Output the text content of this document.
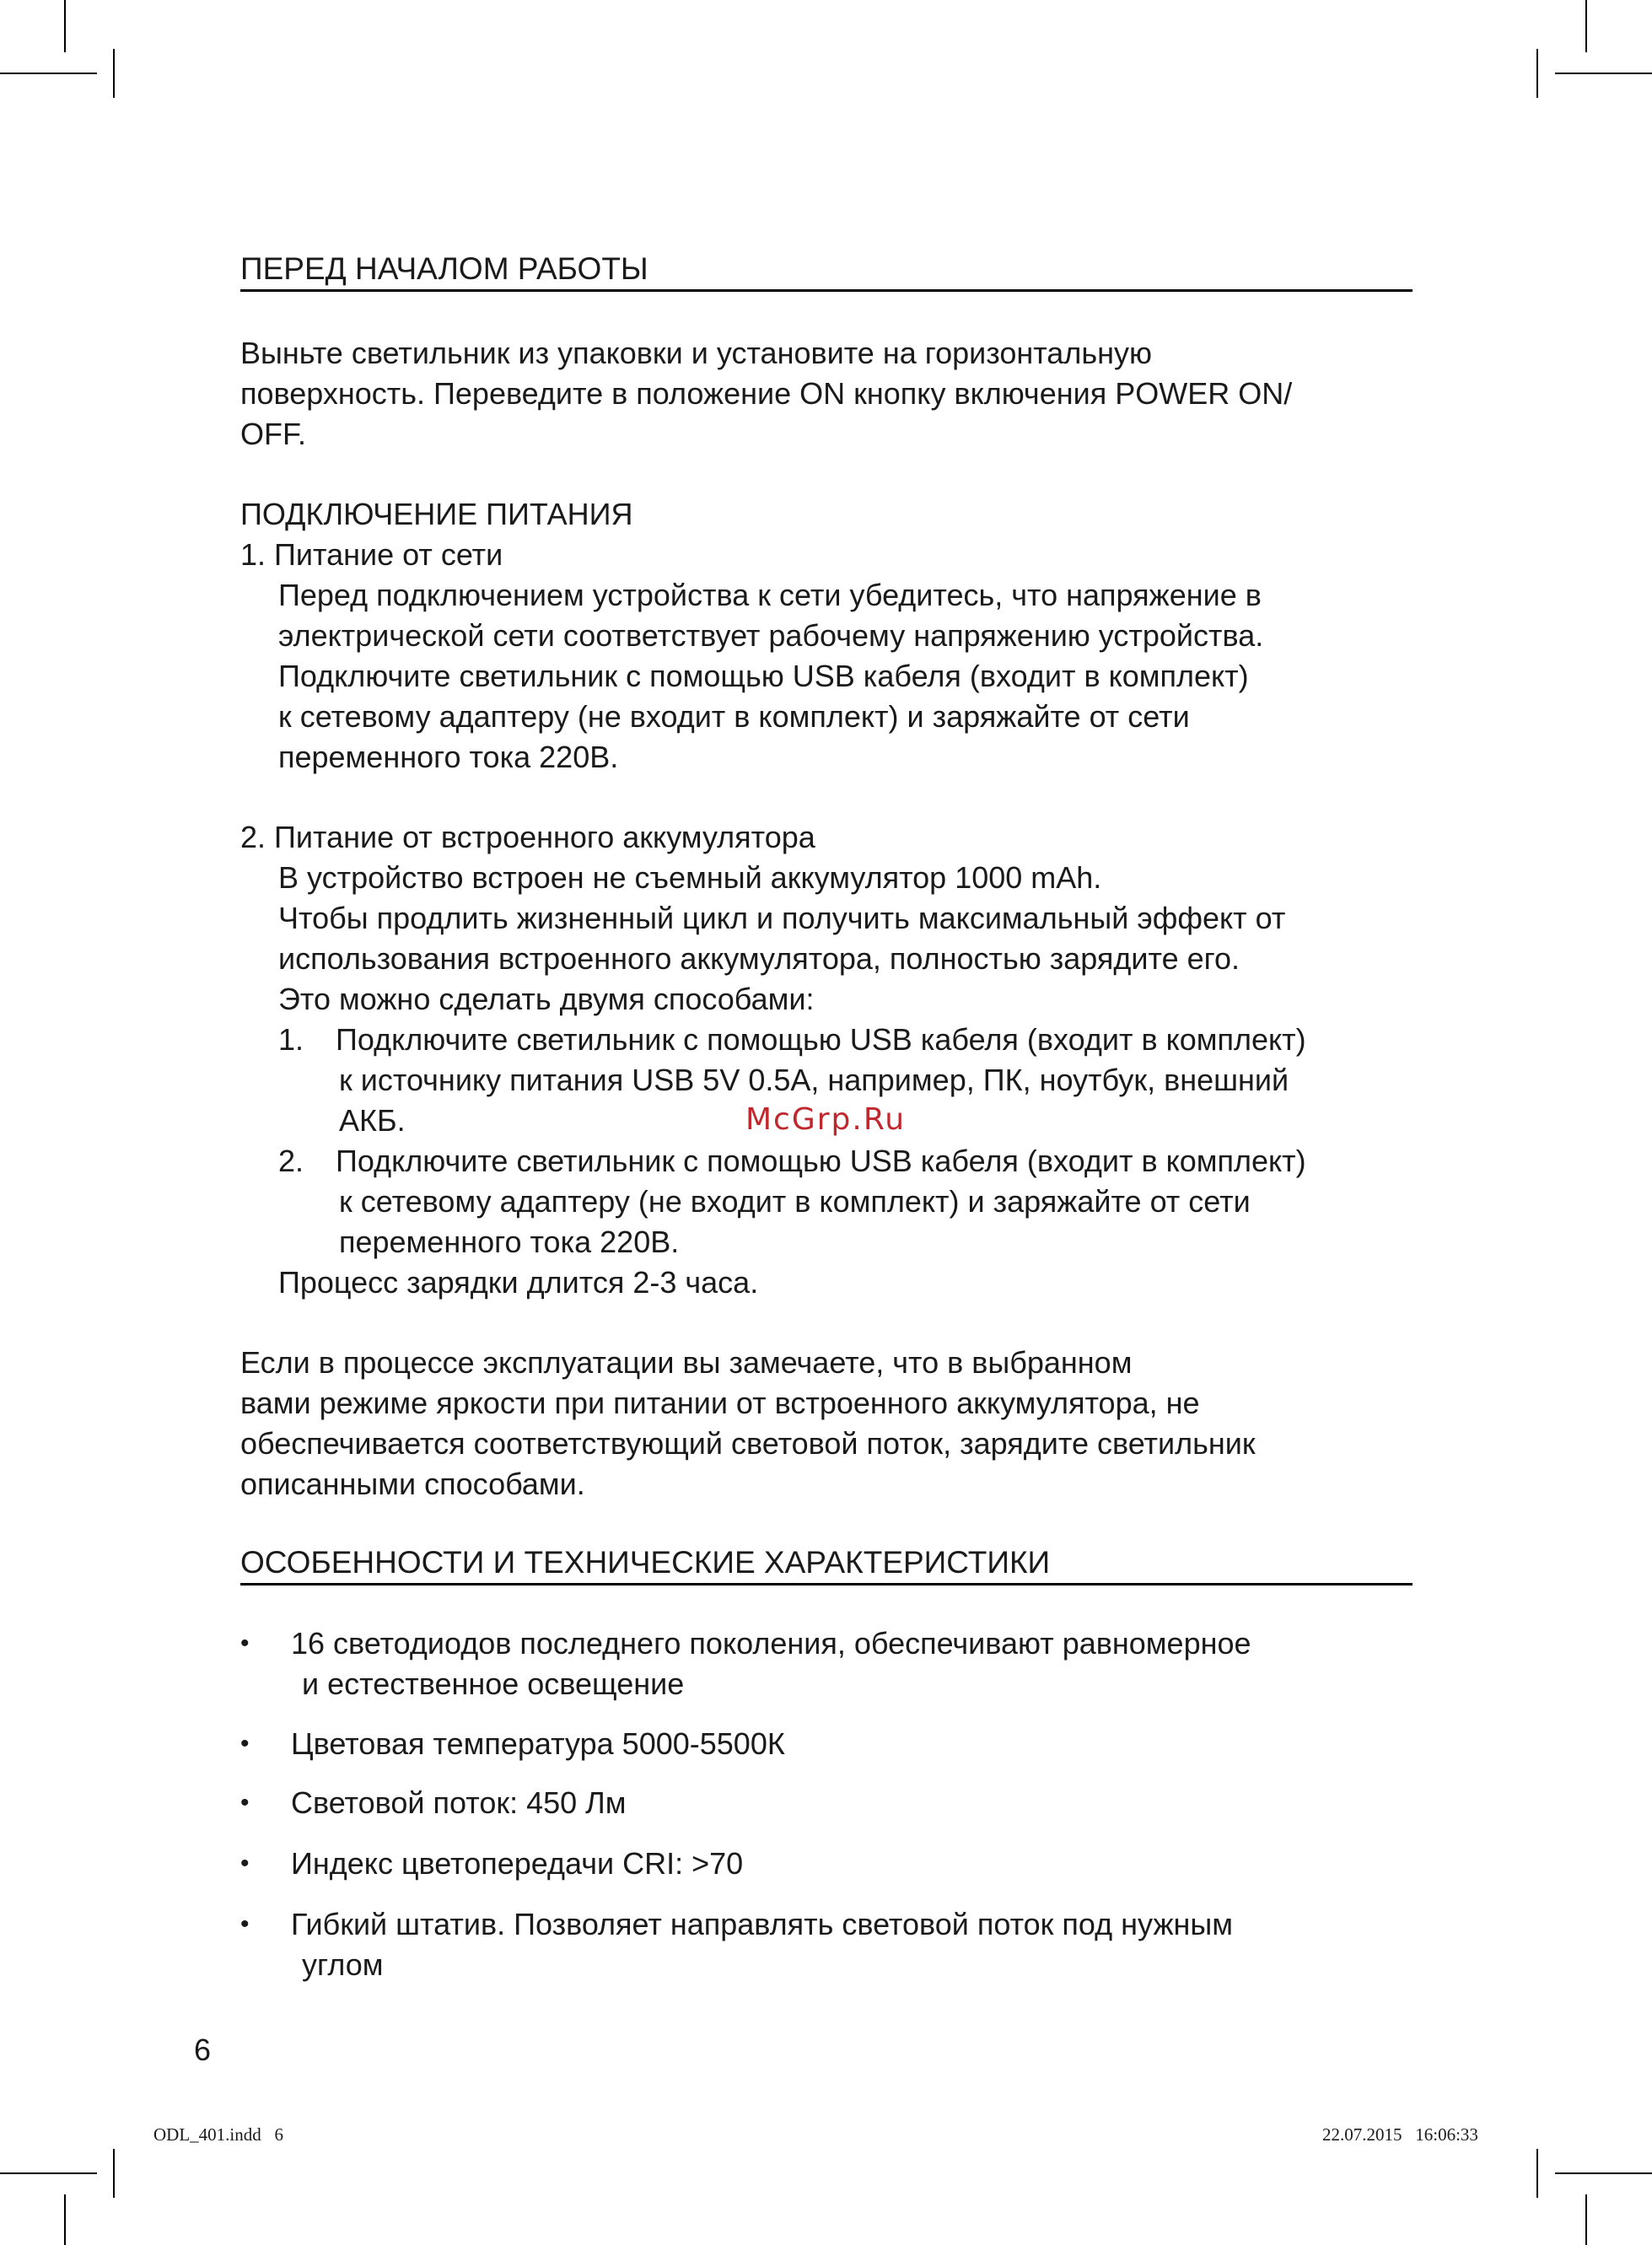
ПЕРЕД НАЧАЛОМ РАБОТЫ
Выньте светильник из упаковки и установите на горизонтальную
поверхность. Переведите в положение ON кнопку включения POWER ON/
OFF.
ПОДКЛЮЧЕНИЕ ПИТАНИЯ
1. Питание от сети
Перед подключением устройства к сети убедитесь, что напряжение в
электрической сети соответствует рабочему напряжению устройства.
Подключите светильник с помощью USB кабеля (входит в комплект)
к сетевому адаптеру (не входит в комплект) и заряжайте от сети
переменного тока 220В.
2. Питание от встроенного аккумулятора
В устройство встроен не съемный аккумулятор 1000 mAh.
Чтобы продлить жизненный цикл и получить максимальный эффект от
использования встроенного аккумулятора, полностью зарядите его.
Это можно сделать двумя способами:
1. Подключите светильник с помощью USB кабеля (входит в комплект)
к источнику питания USB 5V 0.5A, например, ПК, ноутбук, внешний
АКБ.
2. Подключите светильник с помощью USB кабеля (входит в комплект)
к сетевому адаптеру (не входит в комплект) и заряжайте от сети
переменного тока 220В.
Процесс зарядки длится 2-3 часа.
Если в процессе эксплуатации вы замечаете, что в выбранном
вами режиме яркости при питании от встроенного аккумулятора, не
обеспечивается соответствующий световой поток, зарядите светильник
описанными способами.
ОСОБЕННОСТИ И ТЕХНИЧЕСКИЕ ХАРАКТЕРИСТИКИ
• 16 светодиодов последнего поколения, обеспечивают равномерное
и естественное освещение
• Цветовая температура 5000-5500К
• Световой поток: 450 Лм
• Индекс цветопередачи CRI: >70
• Гибкий штатив. Позволяет направлять световой поток под нужным
углом
McGrp.Ru
6
ODL_401.indd   6	22.07.2015   16:06:33
